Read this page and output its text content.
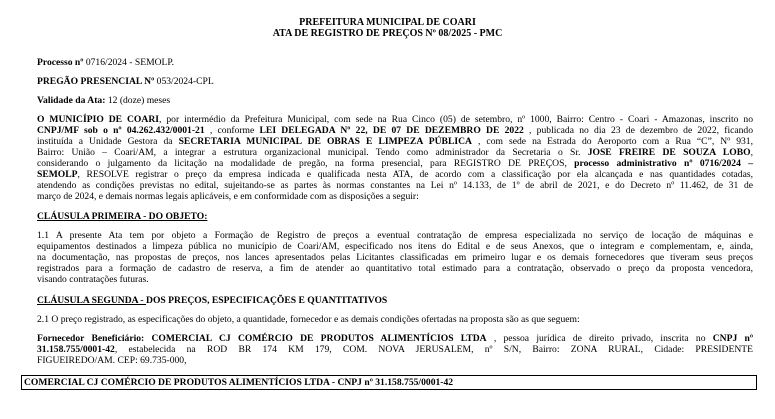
PREFEITURA MUNICIPAL DE COARI
ATA DE REGISTRO DE PREÇOS Nº 08/2025 - PMC
Processo nº 0716/2024 - SEMOLP.
PREGÃO PRESENCIAL Nº 053/2024-CPL
Validade da Ata: 12 (doze) meses
O MUNICÍPIO DE COARI, por intermédio da Prefeitura Municipal, com sede na Rua Cinco (05) de setembro, nº 1000, Bairro: Centro - Coari - Amazonas, inscrito no
CNPJ/MF sob o nº 04.262.432/0001-21 , conforme LEI DELEGADA Nº 22, DE 07 DE DEZEMBRO DE 2022 , publicada no dia 23 de dezembro de 2022, ficando
instituída a Unidade Gestora da SECRETARIA MUNICIPAL DE OBRAS E LIMPEZA PÚBLICA , com sede na Estrada do Aeroporto com a Rua “C”, Nº 931,
Bairro: União – Coari/AM, a integrar a estrutura organizacional municipal. Tendo como administrador da Secretaria o Sr. JOSE FREIRE DE SOUZA LOBO,
considerando o julgamento da licitação na modalidade de pregão, na forma presencial, para REGISTRO DE PREÇOS, processo administrativo nº 0716/2024 –
SEMOLP, RESOLVE registrar o preço da empresa indicada e qualificada nesta ATA, de acordo com a classificação por ela alcançada e nas quantidades cotadas,
atendendo as condições previstas no edital, sujeitando-se as partes às normas constantes na Lei nº 14.133, de 1º de abril de 2021, e do Decreto nº 11.462, de 31 de
março de 2024, e demais normas legais aplicáveis, e em conformidade com as disposições a seguir:
CLÁUSULA PRIMEIRA - DO OBJETO:
1.1 A presente Ata tem por objeto a Formação de Registro de preços a eventual contratação de empresa especializada no serviço de locação de máquinas e
equipamentos destinados a limpeza pública no município de Coari/AM, especificado nos itens do Edital e de seus Anexos, que o integram e complementam, e, ainda,
na documentação, nas propostas de preços, nos lances apresentados pelas Licitantes classificadas em primeiro lugar e os demais fornecedores que tiveram seus preços
registrados para a formação de cadastro de reserva, a fim de atender ao quantitativo total estimado para a contratação, observado o preço da proposta vencedora,
visando contratações futuras.
CLÁUSULA SEGUNDA - DOS PREÇOS, ESPECIFICAÇÕES E QUANTITATIVOS
2.1 O preço registrado, as especificações do objeto, a quantidade, fornecedor e as demais condições ofertadas na proposta são as que seguem:
Fornecedor Beneficiário: COMERCIAL CJ COMÉRCIO DE PRODUTOS ALIMENTÍCIOS LTDA , pessoa jurídica de direito privado, inscrita no CNPJ nº
31.158.755/0001-42, estabelecida na ROD BR 174 KM 179, COM. NOVA JERUSALEM, nº S/N, Bairro: ZONA RURAL, Cidade: PRESIDENTE
FIGUEIREDO/AM. CEP: 69.735-000,
COMERCIAL CJ COMÉRCIO DE PRODUTOS ALIMENTÍCIOS LTDA - CNPJ nº 31.158.755/0001-42
